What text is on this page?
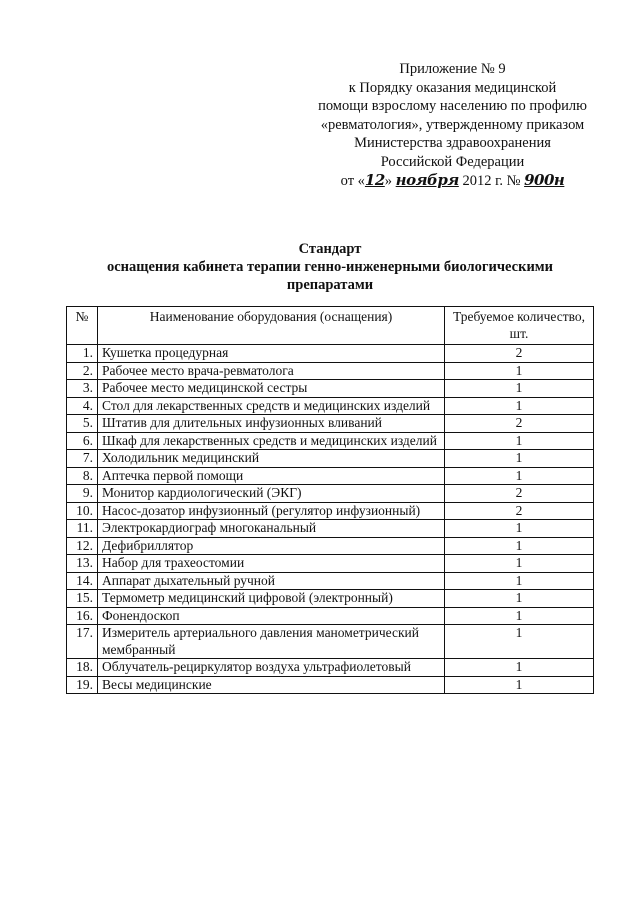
Приложение № 9
к Порядку оказания медицинской
помощи взрослому населению по профилю
«ревматология», утвержденному приказом
Министерства здравоохранения
Российской Федерации
от «12» ноября 2012 г. № 900н
Стандарт
оснащения кабинета терапии генно-инженерными биологическими
препаратами
№	Наименование оборудования (оснащения)	Требуемое количество, шт.
1.	Кушетка процедурная	2
2.	Рабочее место врача-ревматолога	1
3.	Рабочее место медицинской сестры	1
4.	Стол для лекарственных средств и медицинских изделий	1
5.	Штатив для длительных инфузионных вливаний	2
6.	Шкаф для лекарственных средств и медицинских изделий	1
7.	Холодильник медицинский	1
8.	Аптечка первой помощи	1
9.	Монитор кардиологический (ЭКГ)	2
10.	Насос-дозатор инфузионный (регулятор инфузионный)	2
11.	Электрокардиограф многоканальный	1
12.	Дефибриллятор	1
13.	Набор для трахеостомии	1
14.	Аппарат дыхательный ручной	1
15.	Термометр медицинский цифровой (электронный)	1
16.	Фонендоскоп	1
17.	Измеритель артериального давления манометрический мембранный	1
18.	Облучатель-рециркулятор воздуха ультрафиолетовый	1
19.	Весы медицинские	1
